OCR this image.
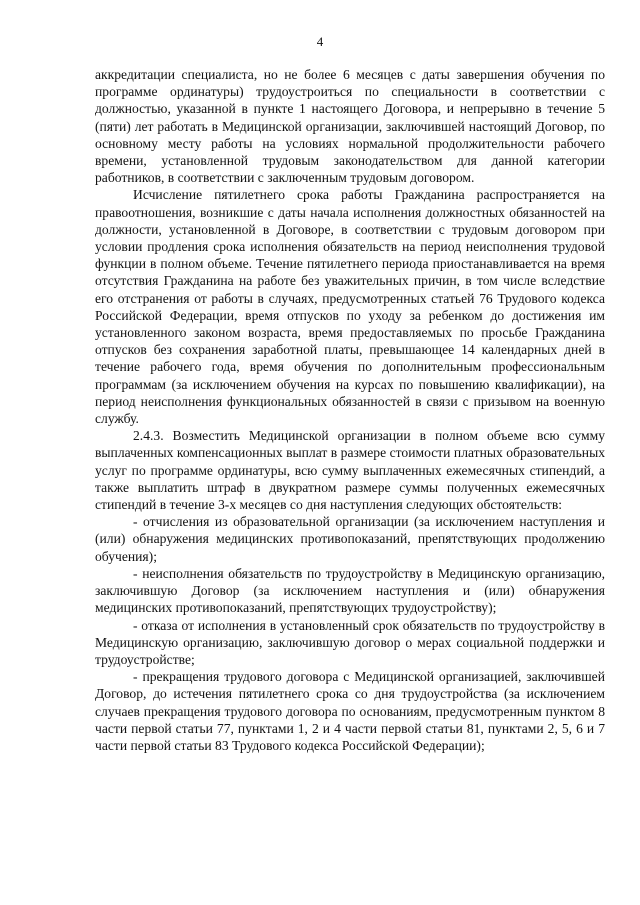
4

аккредитации специалиста, но не более 6 месяцев с даты завершения обучения по программе ординатуры) трудоустроиться по специальности в соответствии с должностью, указанной в пункте 1 настоящего Договора, и непрерывно в течение 5 (пяти) лет работать в Медицинской организации, заключившей настоящий Договор, по основному месту работы на условиях нормальной продолжительности рабочего времени, установленной трудовым законодательством для данной категории работников, в соответствии с заключенным трудовым договором.

Исчисление пятилетнего срока работы Гражданина распространяется на правоотношения, возникшие с даты начала исполнения должностных обязанностей на должности, установленной в Договоре, в соответствии с трудовым договором при условии продления срока исполнения обязательств на период неисполнения трудовой функции в полном объеме. Течение пятилетнего периода приостанавливается на время отсутствия Гражданина на работе без уважительных причин, в том числе вследствие его отстранения от работы в случаях, предусмотренных статьей 76 Трудового кодекса Российской Федерации, время отпусков по уходу за ребенком до достижения им установленного законом возраста, время предоставляемых по просьбе Гражданина отпусков без сохранения заработной платы, превышающее 14 календарных дней в течение рабочего года, время обучения по дополнительным профессиональным программам (за исключением обучения на курсах по повышению квалификации), на период неисполнения функциональных обязанностей в связи с призывом на военную службу.

2.4.3. Возместить Медицинской организации в полном объеме всю сумму выплаченных компенсационных выплат в размере стоимости платных образовательных услуг по программе ординатуры, всю сумму выплаченных ежемесячных стипендий, а также выплатить штраф в двукратном размере суммы полученных ежемесячных стипендий в течение 3-х месяцев со дня наступления следующих обстоятельств:

- отчисления из образовательной организации (за исключением наступления и (или) обнаружения медицинских противопоказаний, препятствующих продолжению обучения);

- неисполнения обязательств по трудоустройству в Медицинскую организацию, заключившую Договор (за исключением наступления и (или) обнаружения медицинских противопоказаний, препятствующих трудоустройству);

- отказа от исполнения в установленный срок обязательств по трудоустройству в Медицинскую организацию, заключившую договор о мерах социальной поддержки и трудоустройстве;

- прекращения трудового договора с Медицинской организацией, заключившей Договор, до истечения пятилетнего срока со дня трудоустройства (за исключением случаев прекращения трудового договора по основаниям, предусмотренным пунктом 8 части первой статьи 77, пунктами 1, 2 и 4 части первой статьи 81, пунктами 2, 5, 6 и 7 части первой статьи 83 Трудового кодекса Российской Федерации);
